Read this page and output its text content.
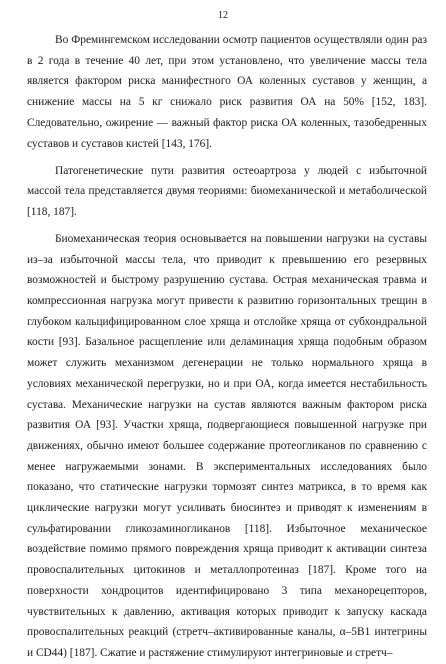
12

Во Фремингемском исследовании осмотр пациентов осуществляли один раз в 2 года в течение 40 лет, при этом установлено, что увеличение массы тела является фактором риска манифестного ОА коленных суставов у женщин, а снижение массы на 5 кг снижало риск развития ОА на 50% [152, 183]. Следовательно, ожирение — важный фактор риска ОА коленных, тазобедренных суставов и суставов кистей [143, 176].

Патогенетические пути развития остеоартроза у людей с избыточной массой тела представляется двумя теориями: биомеханической и метаболической [118, 187].

Биомеханическая теория основывается на повышении нагрузки на суставы из–за избыточной массы тела, что приводит к превышению его резервных возможностей и быстрому разрушению сустава. Острая механическая травма и компрессионная нагрузка могут привести к развитию горизонтальных трещин в глубоком кальцифицированном слое хряща и отслойке хряща от субхондральной кости [93]. Базальное расщепление или деламинация хряща подобным образом может служить механизмом дегенерации не только нормального хряща в условиях механической перегрузки, но и при ОА, когда имеется нестабильность сустава. Механические нагрузки на сустав являются важным фактором риска развития ОА [93]. Участки хряща, подвергающиеся повышенной нагрузке при движениях, обычно имеют большее содержание протеогликанов по сравнению с менее нагружаемыми зонами. В экспериментальных исследованиях было показано, что статические нагрузки тормозят синтез матрикса, в то время как циклические нагрузки могут усиливать биосинтез и приводят к изменениям в сульфатировании гликозаминогликанов [118]. Избыточное механическое воздействие помимо прямого повреждения хряща приводит к активации синтеза провоспалительных цитокинов и металлопротеиназ [187]. Кроме того на поверхности хондроцитов идентифицировано 3 типа механорецепторов, чувствительных к давлению, активация которых приводит к запуску каскада провоспалительных реакций (стретч–активированные каналы, α–5В1 интегрины и CD44) [187]. Сжатие и растяжение стимулируют интегриновые и стретч–
